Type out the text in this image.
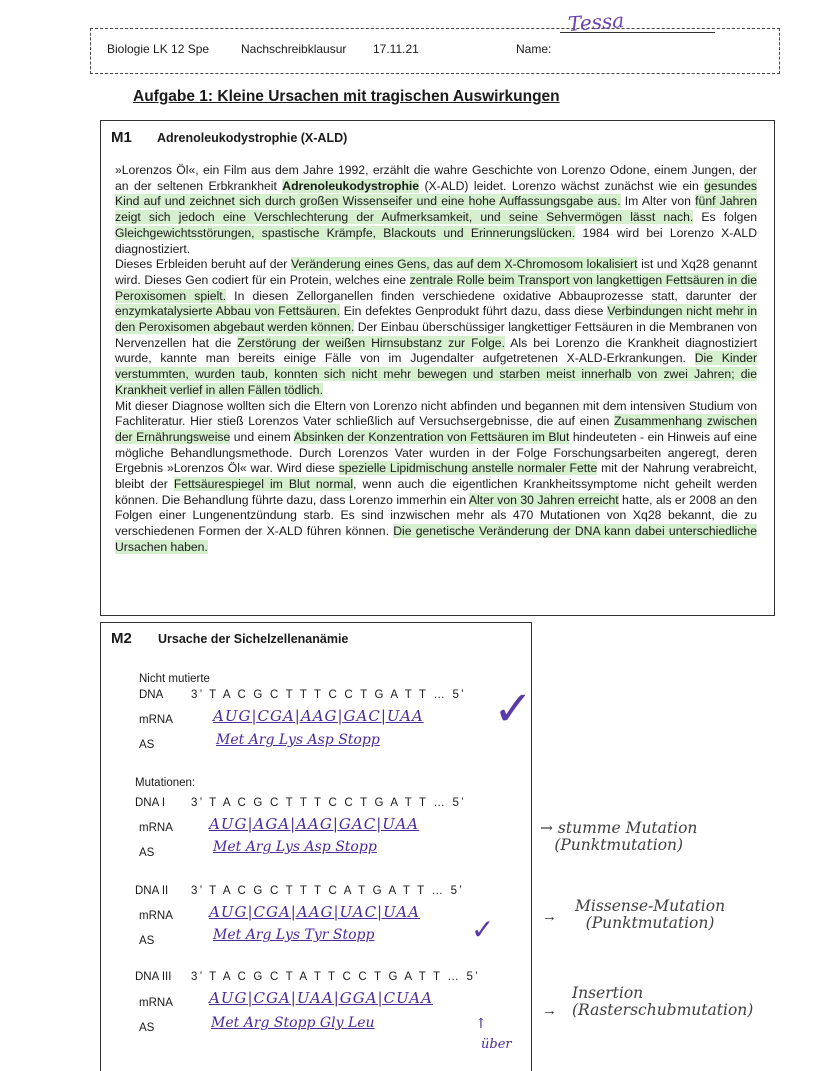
Biologie LK 12 Spe	Nachschreibklausur 17.11.21	Name:
Tessa
Aufgabe 1: Kleine Ursachen mit tragischen Auswirkungen
M1 Adrenoleukodystrophie (X-ALD)

»Lorenzos Öl«, ein Film aus dem Jahre 1992, erzählt die wahre Geschichte von Lorenzo Odone, einem Jungen, der an der seltenen Erbkrankheit Adrenoleukodystrophie (X-ALD) leidet. Lorenzo wächst zunächst wie ein gesundes Kind auf und zeichnet sich durch großen Wissenseifer und eine hohe Auffassungsgabe aus. Im Alter von fünf Jahren zeigt sich jedoch eine Verschlechterung der Aufmerksamkeit, und seine Sehvermögen lässt nach. Es folgen Gleichgewichtsstörungen, spastische Krämpfe, Blackouts und Erinnerungslücken. 1984 wird bei Lorenzo X-ALD diagnostiziert.

Dieses Erbleiden beruht auf der Veränderung eines Gens, das auf dem X-Chromosom lokalisiert ist und Xq28 genannt wird. Dieses Gen codiert für ein Protein, welches eine zentrale Rolle beim Transport von langkettigen Fettsäuren in die Peroxisomen spielt. In diesen Zellorganellen finden verschiedene oxidative Abbauprozesse statt, darunter der enzymkatalysierte Abbau von Fettsäuren. Ein defektes Genprodukt führt dazu, dass diese Verbindungen nicht mehr in den Peroxisomen abgebaut werden können. Der Einbau überschüssiger langkettiger Fettsäuren in die Membranen von Nervenzellen hat die Zerstörung der weißen Hirnsubstanz zur Folge. Als bei Lorenzo die Krankheit diagnostiziert wurde, kannte man bereits einige Fälle von im Jugendalter aufgetretenen X-ALD-Erkrankungen. Die Kinder verstummten, wurden taub, konnten sich nicht mehr bewegen und starben meist innerhalb von zwei Jahren; die Krankheit verlief in allen Fällen tödlich.

Mit dieser Diagnose wollten sich die Eltern von Lorenzo nicht abfinden und begannen mit dem intensiven Studium von Fachliteratur. Hier stieß Lorenzos Vater schließlich auf Versuchsergebnisse, die auf einen Zusammenhang zwischen der Ernährungsweise und einem Absinken der Konzentration von Fettsäuren im Blut hindeuteten - ein Hinweis auf eine mögliche Behandlungsmethode. Durch Lorenzos Vater wurden in der Folge Forschungsarbeiten angeregt, deren Ergebnis »Lorenzos Öl« war. Wird diese spezielle Lipidmischung anstelle normaler Fette mit der Nahrung verabreicht, bleibt der Fettsäurespiegel im Blut normal, wenn auch die eigentlichen Krankheitssymptome nicht geheilt werden können. Die Behandlung führte dazu, dass Lorenzo immerhin ein Alter von 30 Jahren erreicht hatte, als er 2008 an den Folgen einer Lungenentzündung starb. Es sind inzwischen mehr als 470 Mutationen von Xq28 bekannt, die zu verschiedenen Formen der X-ALD führen können. Die genetische Veränderung der DNA kann dabei unterschiedliche Ursachen haben.

M2 Ursache der Sichelzellenanämie
Nicht mutierte
DNA 3’ T A C G C T T T C C T G A T T … 5’
mRNA	AUG|CGA|AAG|GAC|UAA
AS	Met Arg Lys Asp Stopp
✓
Mutationen:
DNA I 3’ T A C G C T T T C C T G A T T … 5’
mRNA AUG|AGA|AAG|GAC|UAA
AS	Met Arg Lys Asp Stopp
DNA II 3’ T A C G C T T T C A T G A T T … 5’
mRNA AUG|CGA|AAG|UAC|UAA
AS	Met Arg Lys Tyr Stopp	✓
DNA III 3’ T A C G C T A T T C C T G A T T … 5’
mRNA AUG|CGA|UAA|GGA|CUAA
AS	Met Arg Stopp Gly Leu	↑
über
→ stumme Mutation
(Punktmutation)
→
Missense-Mutation
(Punktmutation)
→
Insertion
(Rasterschubmutation)
